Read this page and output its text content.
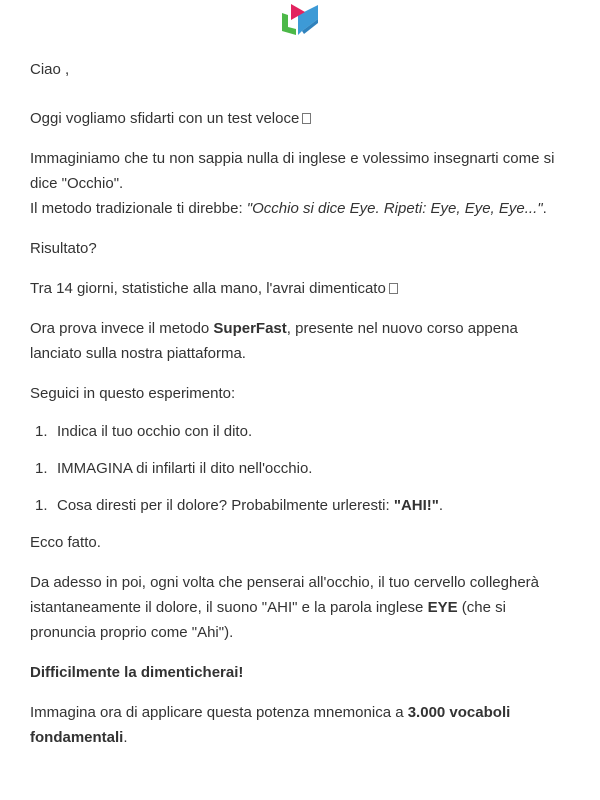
Ciao ,

Oggi vogliamo sfidarti con un test veloce

Immaginiamo che tu non sappia nulla di inglese e volessimo insegnarti come si dice "Occhio".
Il metodo tradizionale ti direbbe: "Occhio si dice Eye. Ripeti: Eye, Eye, Eye...".

Risultato?

Tra 14 giorni, statistiche alla mano, l'avrai dimenticato

Ora prova invece il metodo SuperFast, presente nel nuovo corso appena lanciato sulla nostra piattaforma.

Seguici in questo esperimento:

1. Indica il tuo occhio con il dito.
1. IMMAGINA di infilarti il dito nell'occhio.
1. Cosa diresti per il dolore? Probabilmente urleresti: "AHI!".

Ecco fatto.

Da adesso in poi, ogni volta che penserai all'occhio, il tuo cervello collegherà istantaneamente il dolore, il suono "AHI" e la parola inglese EYE (che si pronuncia proprio come "Ahi").

Difficilmente la dimenticherai!

Immagina ora di applicare questa potenza mnemonica a 3.000 vocaboli fondamentali.
